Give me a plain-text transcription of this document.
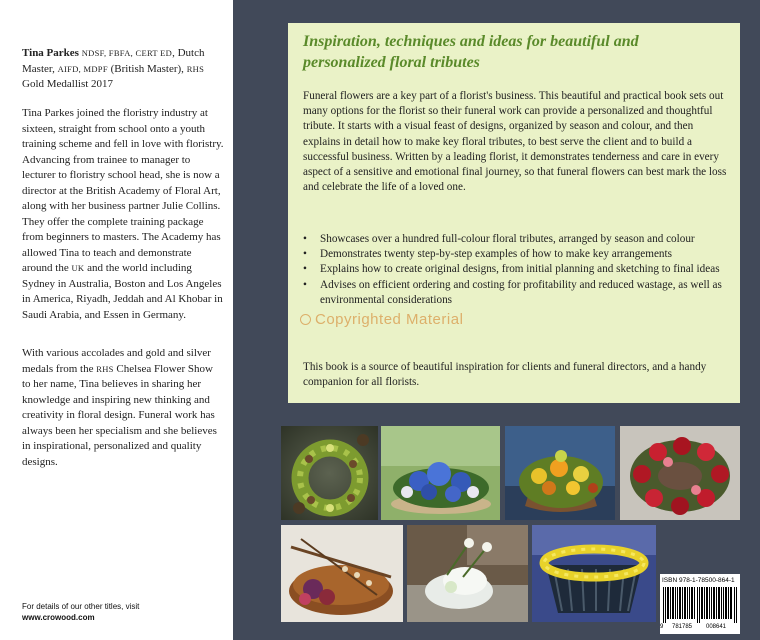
Tina Parkes NDSF, FBFA, CERT ED, Dutch Master, AIFD, MDPF (British Master), RHS Gold Medallist 2017

Tina Parkes joined the floristry industry at sixteen, straight from school onto a youth training scheme and fell in love with floristry. Advancing from trainee to manager to lecturer to floristry school head, she is now a director at the British Academy of Floral Art, along with her business partner Julie Collins. They offer the complete training package from beginners to masters. The Academy has allowed Tina to teach and demonstrate around the UK and the world including Sydney in Australia, Boston and Los Angeles in America, Riyadh, Jeddah and Al Khobar in Saudi Arabia, and Essen in Germany.

With various accolades and gold and silver medals from the RHS Chelsea Flower Show to her name, Tina believes in sharing her knowledge and inspiring new thinking and creativity in floral design. Funeral work has always been her specialism and she believes in inspirational, personalized and quality designs.

For details of our other titles, visit
www.crowood.com

Inspiration, techniques and ideas for beautiful and personalized floral tributes

Funeral flowers are a key part of a florist's business. This beautiful and practical book sets out many options for the florist so their funeral work can provide a personalized and thoughtful tribute. It starts with a visual feast of designs, organized by season and colour, and then explains in detail how to make key floral tributes, to best serve the client and to build a successful business. Written by a leading florist, it demonstrates tenderness and care in every aspect of a sensitive and emotional final journey, so that funeral flowers can best mark the loss and celebrate the life of a loved one.

• Showcases over a hundred full-colour floral tributes, arranged by season and colour
• Demonstrates twenty step-by-step examples of how to make key arrangements
• Explains how to create original designs, from initial planning and sketching to final ideas
• Advises on efficient ordering and costing for profitability and reduced wastage, as well as environmental considerations

This book is a source of beautiful inspiration for clients and funeral directors, and a handy companion for all florists.

Copyrighted Material
ISBN 978-1-78500-864-1
9 781785 008641
